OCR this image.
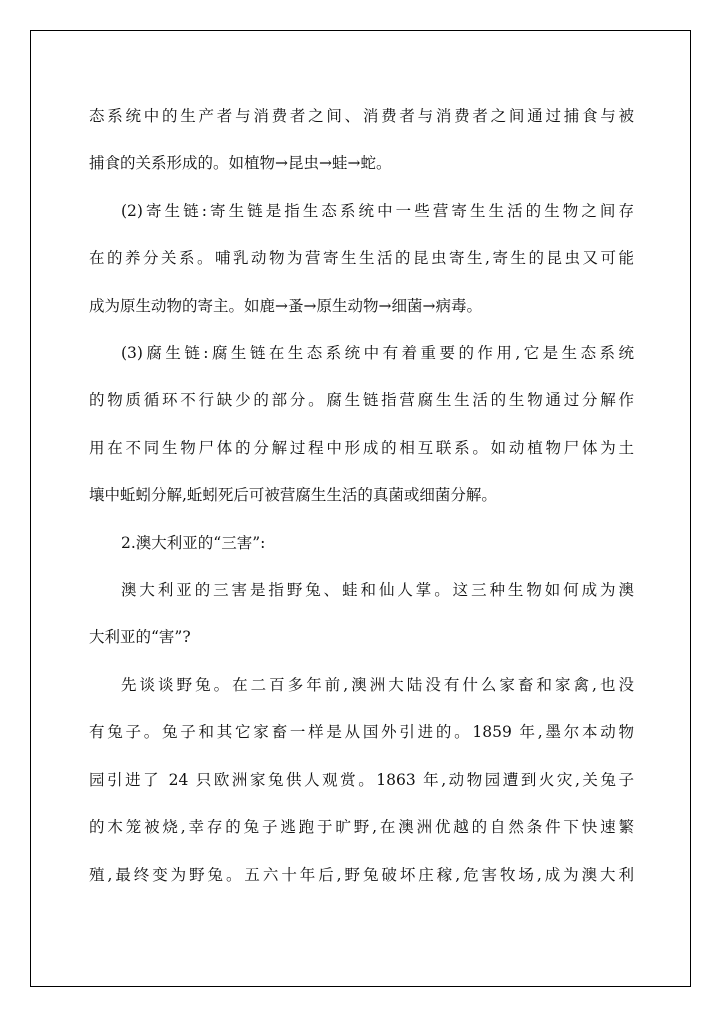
态系统中的生产者与消费者之间、消费者与消费者之间通过捕食与被
捕食的关系形成的。如植物→昆虫→蛙→蛇。
(2)寄生链:寄生链是指生态系统中一些营寄生生活的生物之间存
在的养分关系。哺乳动物为营寄生生活的昆虫寄生,寄生的昆虫又可能
成为原生动物的寄主。如鹿→蚤→原生动物→细菌→病毒。
(3)腐生链:腐生链在生态系统中有着重要的作用,它是生态系统
的物质循环不行缺少的部分。腐生链指营腐生生活的生物通过分解作
用在不同生物尸体的分解过程中形成的相互联系。如动植物尸体为土
壤中蚯蚓分解,蚯蚓死后可被营腐生生活的真菌或细菌分解。
2.澳大利亚的“三害”:
澳大利亚的三害是指野兔、蛙和仙人掌。这三种生物如何成为澳
大利亚的“害”?
先谈谈野兔。在二百多年前,澳洲大陆没有什么家畜和家禽,也没
有兔子。兔子和其它家畜一样是从国外引进的。1859 年,墨尔本动物
园引进了 24 只欧洲家兔供人观赏。1863 年,动物园遭到火灾,关兔子
的木笼被烧,幸存的兔子逃跑于旷野,在澳洲优越的自然条件下快速繁
殖,最终变为野兔。五六十年后,野兔破坏庄稼,危害牧场,成为澳大利
